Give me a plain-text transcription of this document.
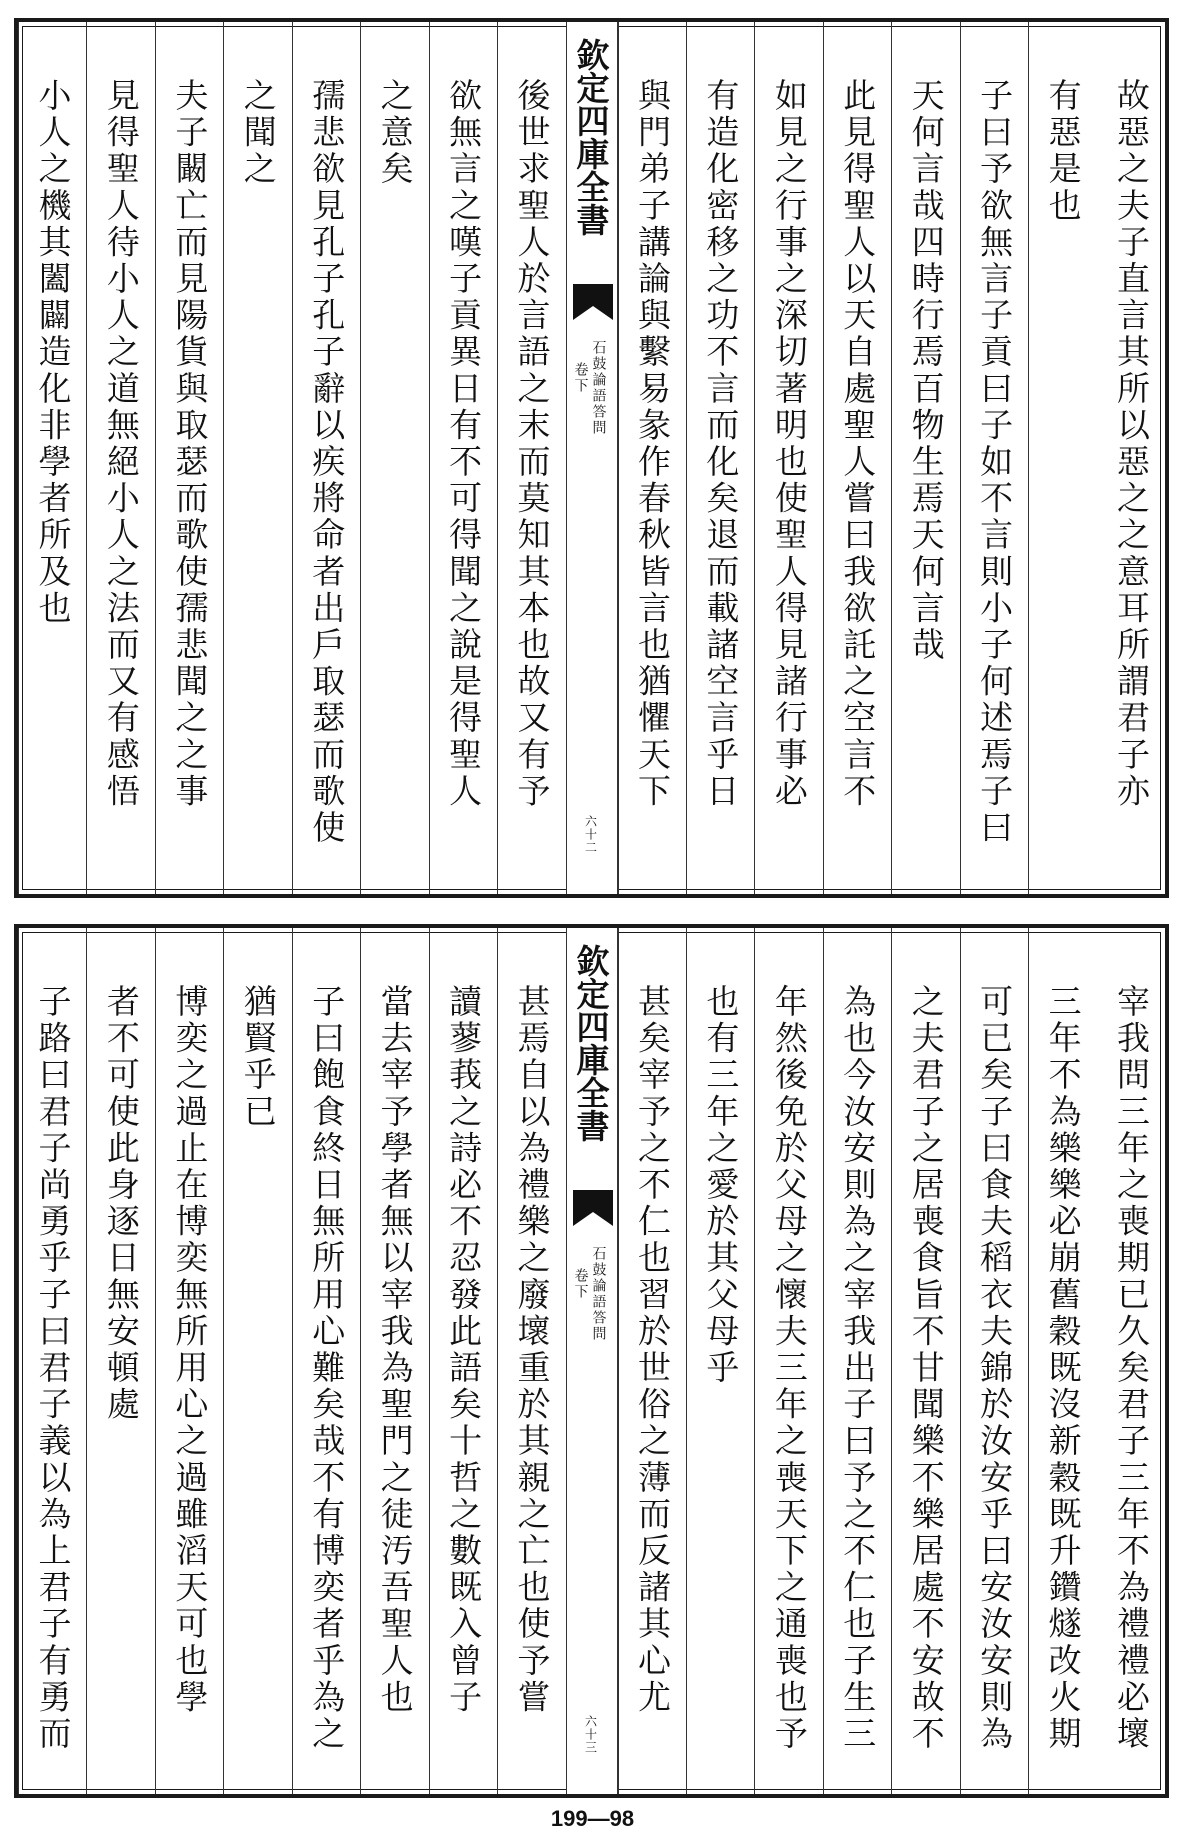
故惡之夫子直言其所以惡之之意耳所謂君子亦
有惡是也
子曰予欲無言子貢曰子如不言則小子何述焉子曰
天何言哉四時行焉百物生焉天何言哉
此見得聖人以天自處聖人嘗曰我欲託之空言不
如見之行事之深切著明也使聖人得見諸行事必
有造化密移之功不言而化矣退而載諸空言乎日
與門弟子講論與繫易彖作春秋皆言也猶懼天下
欽定四庫全書
石鼓論語答問
卷下
六十二
後世求聖人於言語之末而莫知其本也故又有予
欲無言之嘆子貢異日有不可得聞之說是得聖人
之意矣
孺悲欲見孔子孔子辭以疾將命者出戶取瑟而歌使
之聞之
夫子闞亡而見陽貨與取瑟而歌使孺悲聞之之事
見得聖人待小人之道無絕小人之法而又有感悟
小人之機其闔闢造化非學者所及也
宰我問三年之喪期已久矣君子三年不為禮禮必壞
三年不為樂樂必崩舊穀既沒新穀既升鑽燧改火期
可已矣子曰食夫稻衣夫錦於汝安乎曰安汝安則為
之夫君子之居喪食旨不甘聞樂不樂居處不安故不
為也今汝安則為之宰我出子曰予之不仁也子生三
年然後免於父母之懷夫三年之喪天下之通喪也予
也有三年之愛於其父母乎
甚矣宰予之不仁也習於世俗之薄而反諸其心尤
欽定四庫全書
石鼓論語答問
卷下
六十三
甚焉自以為禮樂之廢壞重於其親之亡也使予嘗
讀蓼莪之詩必不忍發此語矣十哲之數既入曾子
當去宰予學者無以宰我為聖門之徒汚吾聖人也
子曰飽食終日無所用心難矣哉不有博奕者乎為之
猶賢乎已
博奕之過止在博奕無所用心之過雖滔天可也學
者不可使此身逐日無安頓處
子路曰君子尚勇乎子曰君子義以為上君子有勇而
199—98
